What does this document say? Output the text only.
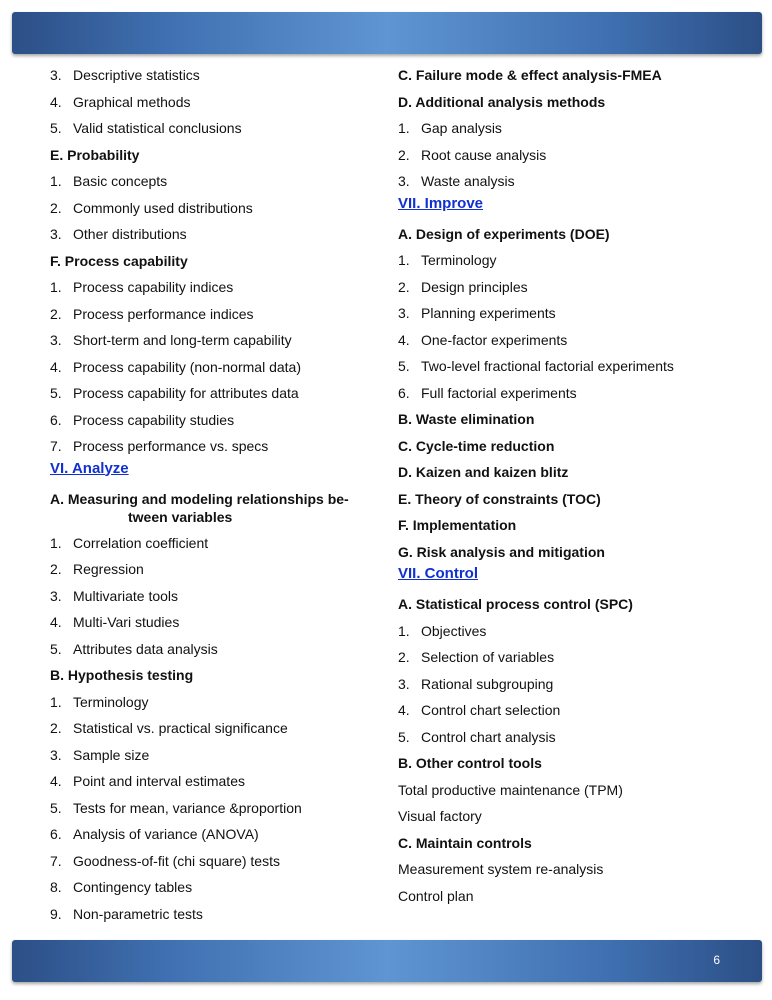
3. Descriptive statistics
4. Graphical methods
5. Valid statistical conclusions
E. Probability
1. Basic concepts
2. Commonly used distributions
3. Other distributions
F. Process capability
1. Process capability indices
2. Process performance indices
3. Short-term and long-term capability
4. Process capability (non-normal data)
5. Process capability for attributes data
6. Process capability studies
7. Process performance vs. specs
VI. Analyze
A. Measuring and modeling relationships be-tween variables
1. Correlation coefficient
2. Regression
3. Multivariate tools
4. Multi-Vari studies
5. Attributes data analysis
B. Hypothesis testing
1. Terminology
2. Statistical vs. practical significance
3. Sample size
4. Point and interval estimates
5. Tests for mean, variance &proportion
6. Analysis of variance (ANOVA)
7. Goodness-of-fit (chi square) tests
8. Contingency tables
9. Non-parametric tests
C. Failure mode & effect analysis-FMEA
D. Additional analysis methods
1. Gap analysis
2. Root cause analysis
3. Waste analysis
VII. Improve
A. Design of experiments (DOE)
1. Terminology
2. Design principles
3. Planning experiments
4. One-factor experiments
5. Two-level fractional factorial experiments
6. Full factorial experiments
B. Waste elimination
C. Cycle-time reduction
D. Kaizen and kaizen blitz
E. Theory of constraints (TOC)
F. Implementation
G. Risk analysis and mitigation
VII. Control
A. Statistical process control (SPC)
1. Objectives
2. Selection of variables
3. Rational subgrouping
4. Control chart selection
5. Control chart analysis
B. Other control tools
Total productive maintenance (TPM)
Visual factory
C. Maintain controls
Measurement system re-analysis
Control plan
6
